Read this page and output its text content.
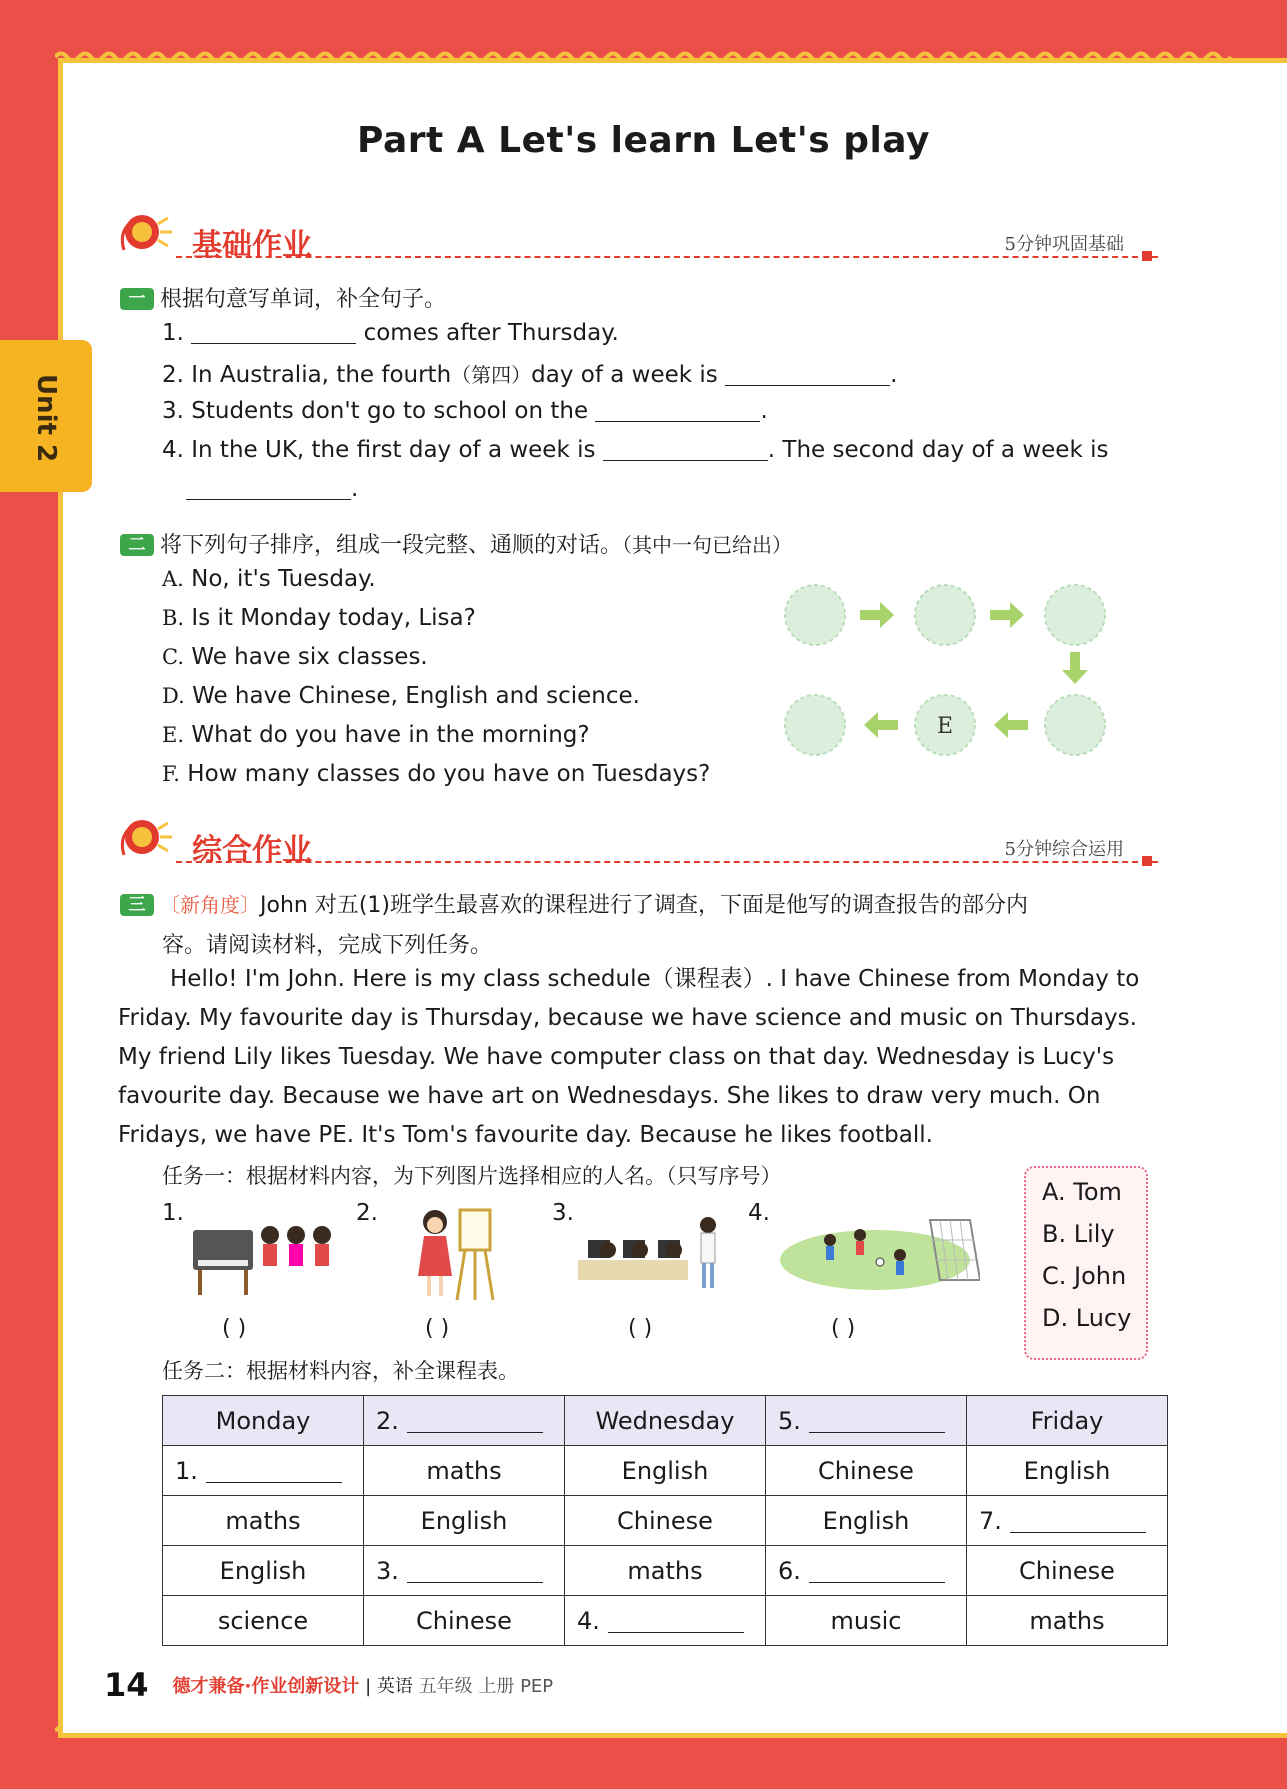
Unit 2
Part A Let's learn Let's play
基础作业	5分钟巩固基础
一 根据句意写单词，补全句子。
1.	comes after Thursday.
2. In Australia, the fourth（第四）day of a week is	.
3. Students don't go to school on the	.
4. In the UK, the first day of a week is	. The second day of a week is
.
二 将下列句子排序，组成一段完整、通顺的对话。（其中一句已给出）
A. No, it's Tuesday.
B. Is it Monday today, Lisa?
C. We have six classes.
D. We have Chinese, English and science.
E. What do you have in the morning?
F. How many classes do you have on Tuesdays?
E
综合作业	5分钟综合运用
三 〔新角度〕John 对五(1)班学生最喜欢的课程进行了调查，下面是他写的调查报告的部分内
容。请阅读材料，完成下列任务。
Hello! I'm John. Here is my class schedule（课程表）. I have Chinese from Monday to
Friday. My favourite day is Thursday, because we have science and music on Thursdays.
My friend Lily likes Tuesday. We have computer class on that day. Wednesday is Lucy's
favourite day. Because we have art on Wednesdays. She likes to draw very much. On
Fridays, we have PE. It's Tom's favourite day. Because he likes football.
任务一：根据材料内容，为下列图片选择相应的人名。（只写序号）
1.	2.	3.	4.
( )	( )	( )	( )
A. Tom
B. Lily
C. John
D. Lucy
任务二：根据材料内容，补全课程表。
Monday	2.	Wednesday	5.	Friday
1.	maths	English	Chinese	English
maths	English	Chinese	English	7.
English	3.	maths	6.	Chinese
science	Chinese	4.	music	maths
14 德才兼备·作业创新设计 | 英语 五年级 上册 PEP
